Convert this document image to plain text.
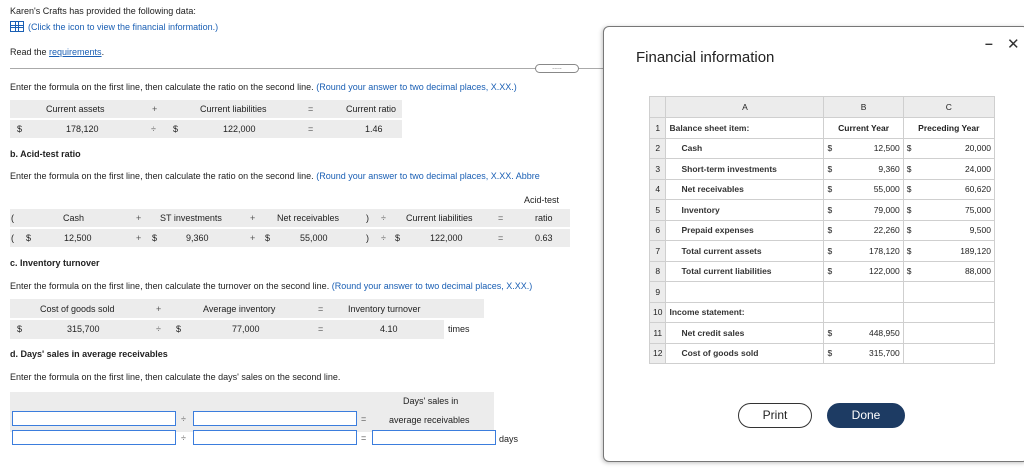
Karen's Crafts has provided the following data:
(Click the icon to view the financial information.)
Read the requirements.
.....
Enter the formula on the first line, then calculate the ratio on the second line. (Round your answer to two decimal places, X.XX.)
Current assets	+	Current liabilities	=	Current ratio
$	178,120	÷ $	122,000	=	1.46
b. Acid-test ratio
Enter the formula on the first line, then calculate the ratio on the second line. (Round your answer to two decimal places, X.XX. Abbre
Acid-test
(	Cash	+ ST investments	+ Net receivables	) ÷ Current liabilities	=	ratio
( $	12,500	+ $	9,360	+ $	55,000	) ÷ $	122,000	=	0.63
c. Inventory turnover
Enter the formula on the first line, then calculate the turnover on the second line. (Round your answer to two decimal places, X.XX.)
Cost of goods sold	+	Average inventory	=	Inventory turnover
$	315,700	÷ $	77,000	=	4.10	times
d. Days' sales in average receivables
Enter the formula on the first line, then calculate the days' sales on the second line.
Days' sales in
average receivables
÷	=
÷	=	days
Financial information
– ✕
	A	B		C	
1	Balance sheet item:	Current Year		Preceding Year	
2	Cash	$	12,500	$	20,000
3	Short-term investments	$	9,360	$	24,000
4	Net receivables	$	55,000	$	60,620
5	Inventory	$	79,000	$	75,000
6	Prepaid expenses	$	22,260	$	9,500
7	Total current assets	$	178,120	$	189,120
8	Total current liabilities	$	122,000	$	88,000
9					
10	Income statement:				
11	Net credit sales	$	448,950		
12	Cost of goods sold	$	315,700		
Print	Done
